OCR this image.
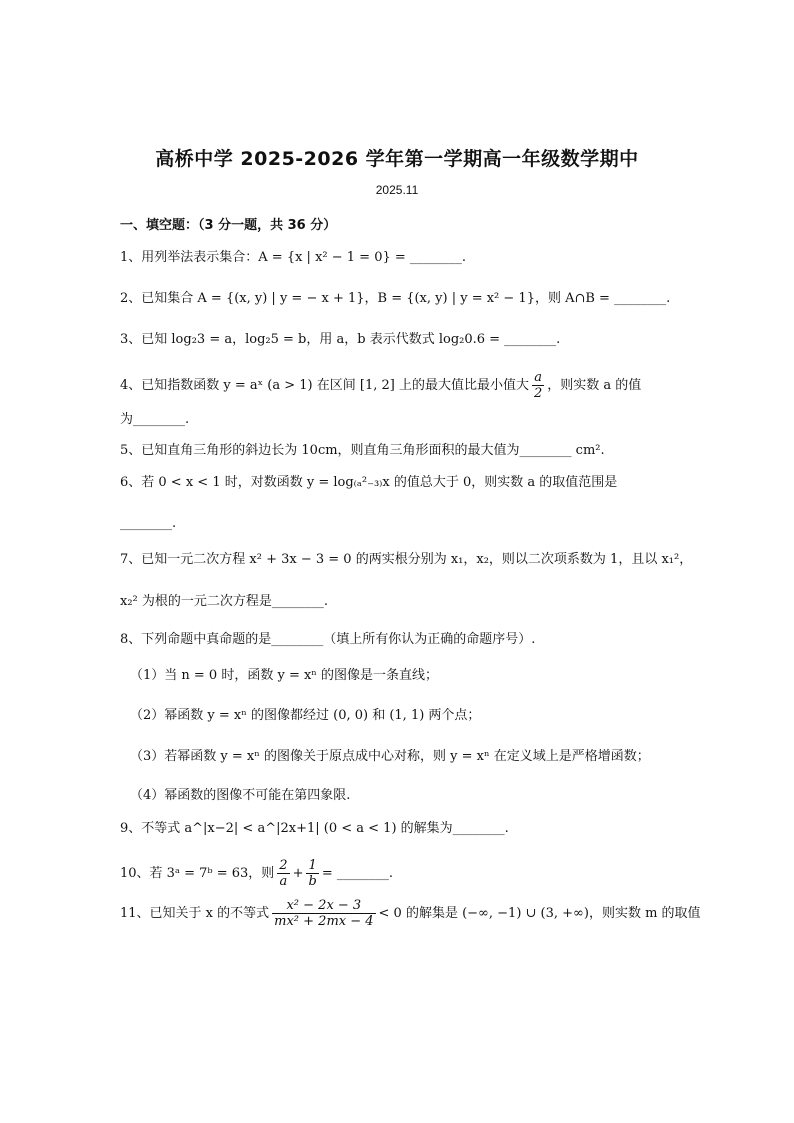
高桥中学 2025-2026 学年第一学期高一年级数学期中
2025.11
一、填空题：（3 分一题，共 36 分）
1、用列举法表示集合：A = {x | x² − 1 = 0} = ________.
2、已知集合 A = {(x, y) | y = − x + 1}，B = {(x, y) | y = x² − 1}，则 A∩B = ________.
3、已知 log₂3 = a，log₂5 = b，用 a，b 表示代数式 log₂0.6 = ________.
4、已知指数函数 y = aˣ (a > 1) 在区间 [1, 2] 上的最大值比最小值大 $\frac{a}{2}$ ，则实数 a 的值
为________.
5、已知直角三角形的斜边长为 10cm，则直角三角形面积的最大值为________ cm².
6、若 0 < x < 1 时，对数函数 y = log₍ₐ²₋₃₎x 的值总大于 0，则实数 a 的取值范围是
________.
7、已知一元二次方程 x² + 3x − 3 = 0 的两实根分别为 x₁，x₂，则以二次项系数为 1，且以 x₁²，
x₂² 为根的一元二次方程是________.
8、下列命题中真命题的是________（填上所有你认为正确的命题序号）.
（1）当 n = 0 时，函数 y = xⁿ 的图像是一条直线；
（2）幂函数 y = xⁿ 的图像都经过 (0, 0) 和 (1, 1) 两个点；
（3）若幂函数 y = xⁿ 的图像关于原点成中心对称，则 y = xⁿ 在定义域上是严格增函数；
（4）幂函数的图像不可能在第四象限.
9、不等式 a^|x−2| < a^|2x+1| (0 < a < 1) 的解集为________.
10、若 3ᵃ = 7ᵇ = 63，则 $\frac{2}{a} + \frac{1}{b}$ = ________.
11、已知关于 x 的不等式 $\frac{\text{x² − 2x − 3}}{\text{mx² + 2mx − 4}} < 0$ 的解集是 (−∞, −1) ∪ (3, +∞)，则实数 m 的取值
